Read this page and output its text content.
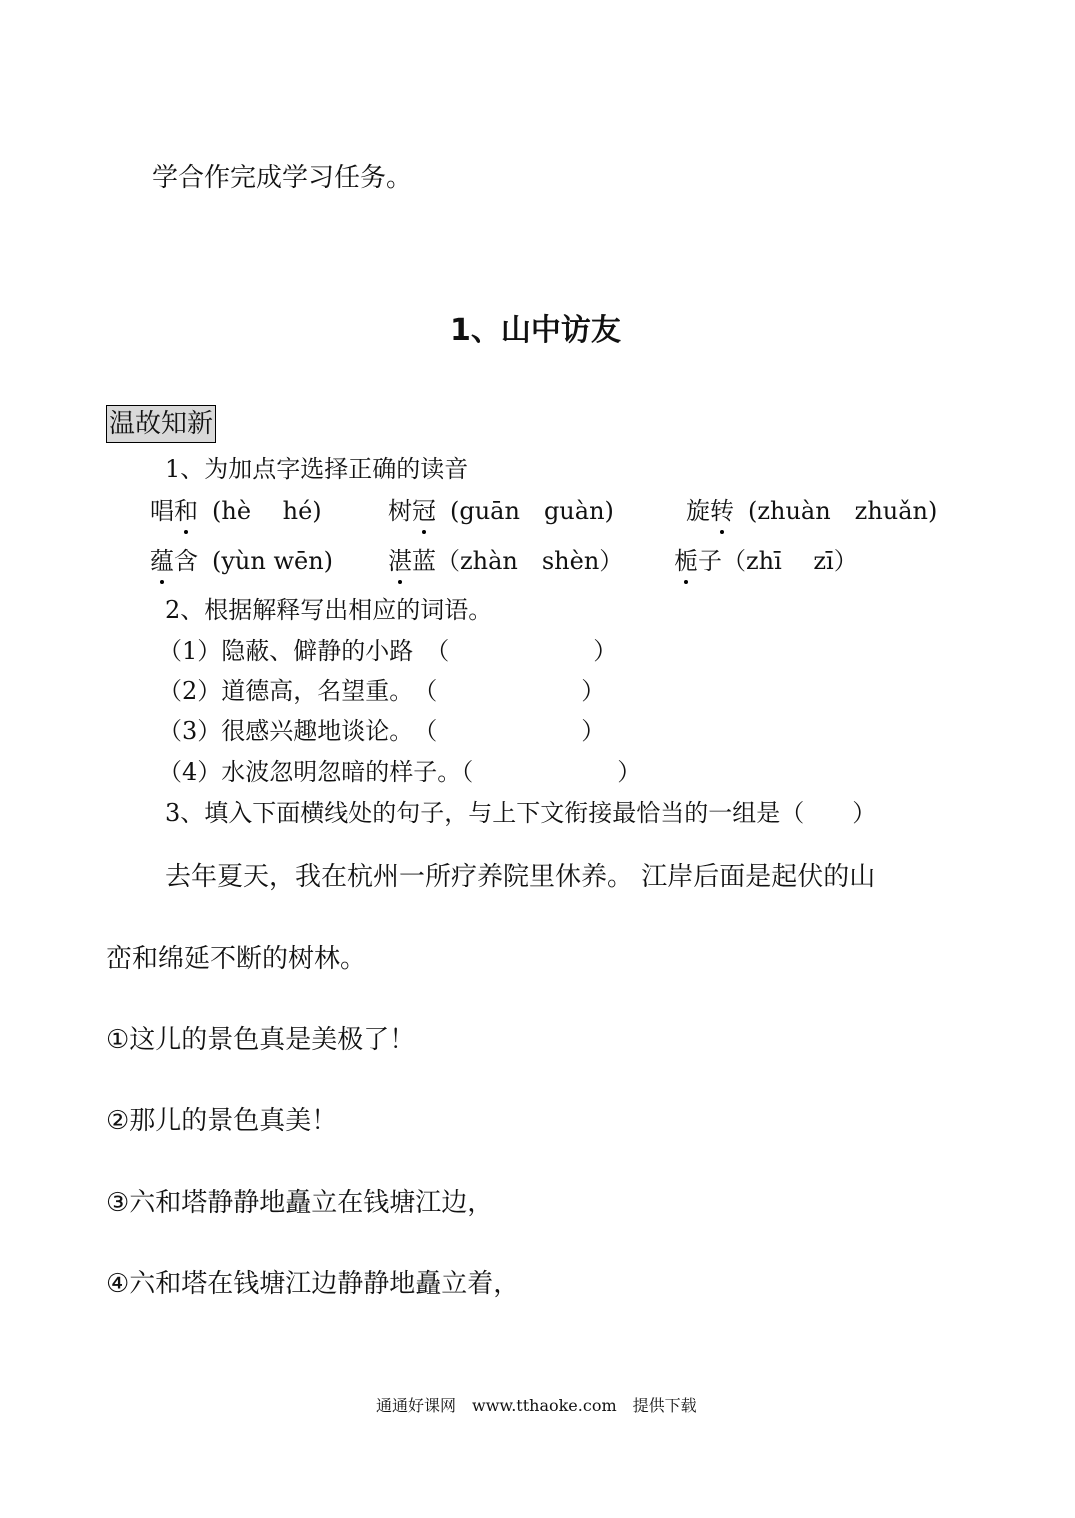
学合作完成学习任务。
1、山中访友
温故知新
1、为加点字选择正确的读音
唱和 (hè　 hé)	树冠 (guān　guàn)	旋转 (zhuàn　zhuǎn)
蕴含 (yùn wēn) 湛蓝（zhàn　shèn） 栀子（zhī　 zī）
2、根据解释写出相应的词语。
（1）隐蔽、僻静的小路　（　　　　　　）
（2）道德高，名望重。　（　　　　　　）
（3）很感兴趣地谈论。　（　　　　　　）
（4）水波忽明忽暗的样子。（　　　　　　）
3、填入下面横线处的句子，与上下文衔接最恰当的一组是（　　）
去年夏天，我在杭州一所疗养院里休养。 江岸后面是起伏的山
峦和绵延不断的树林。
①这儿的景色真是美极了！
②那儿的景色真美！
③六和塔静静地矗立在钱塘江边，
④六和塔在钱塘江边静静地矗立着，
通通好课网　www.tthaoke.com　提供下载
